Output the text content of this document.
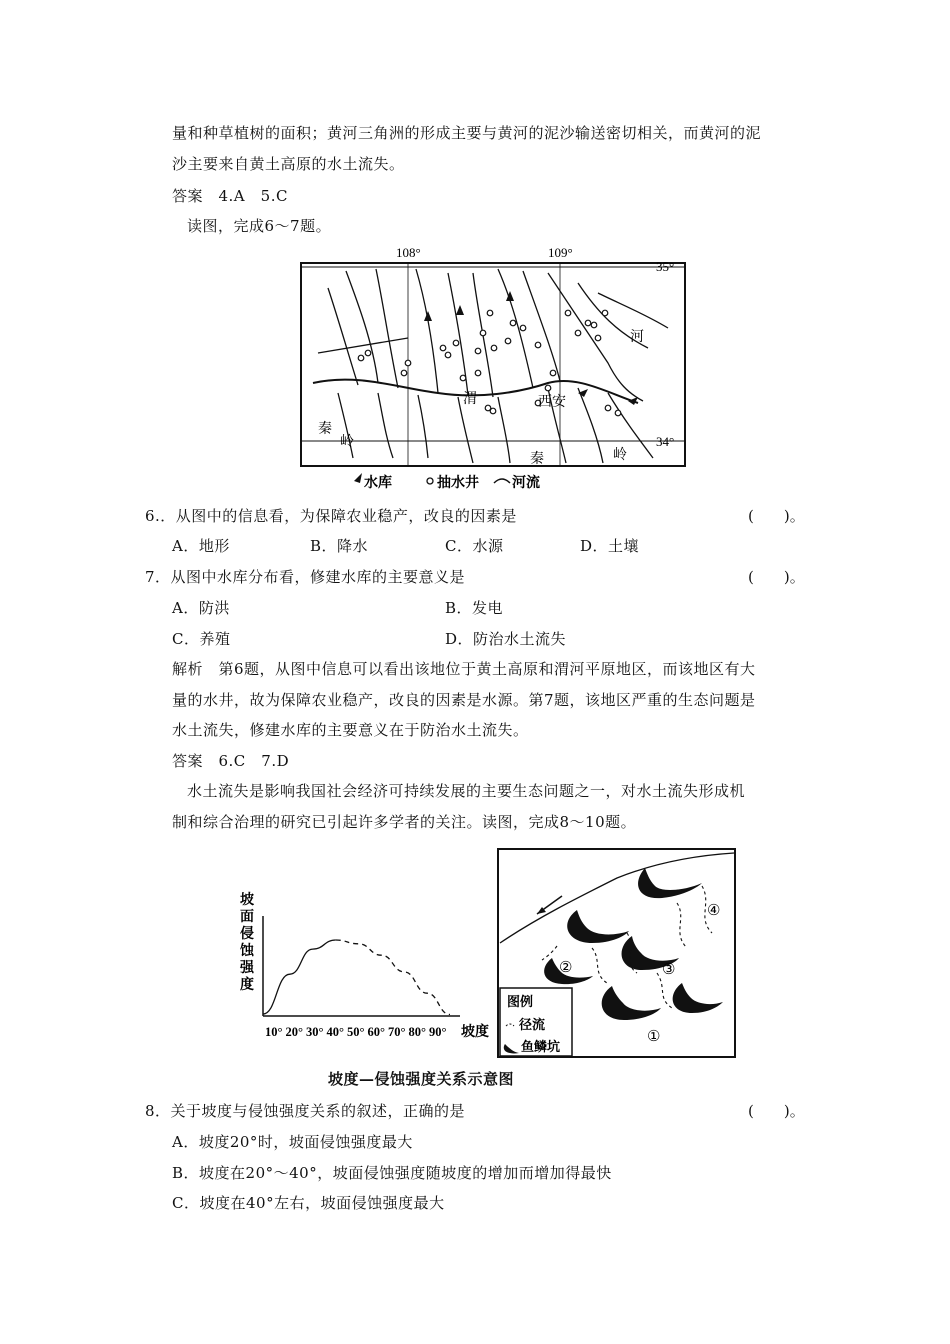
量和种草植树的面积；黄河三角洲的形成主要与黄河的泥沙输送密切相关，而黄河的泥
沙主要来自黄土高原的水土流失。
答案　4.A　5.C
读图，完成6～7题。
108°	109°
35°
34°
河
渭	西安
秦
岭
秦	岭
水库	抽水井 河流
6.．从图中的信息看，为保障农业稳产，改良的因素是	(　　)。
A．地形	B．降水	C．水源	D．土壤
7．从图中水库分布看，修建水库的主要意义是	(　　)。
A．防洪	B．发电
C．养殖	D．防治水土流失
解析　第6题，从图中信息可以看出该地位于黄土高原和渭河平原地区，而该地区有大
量的水井，故为保障农业稳产，改良的因素是水源。第7题，该地区严重的生态问题是
水土流失，修建水库的主要意义在于防治水土流失。
答案　6.C　7.D
水土流失是影响我国社会经济可持续发展的主要生态问题之一，对水土流失形成机
制和综合治理的研究已引起许多学者的关注。读图，完成8～10题。
坡
面
侵
蚀
强
度
10° 20° 30° 40° 50° 60° 70° 80° 90° 坡度
坡度—侵蚀强度关系示意图
①
②	③
④
图例
径流
鱼鳞坑
8．关于坡度与侵蚀强度关系的叙述，正确的是	(　　)。
A．坡度20°时，坡面侵蚀强度最大
B．坡度在20°～40°，坡面侵蚀强度随坡度的增加而增加得最快
C．坡度在40°左右，坡面侵蚀强度最大
